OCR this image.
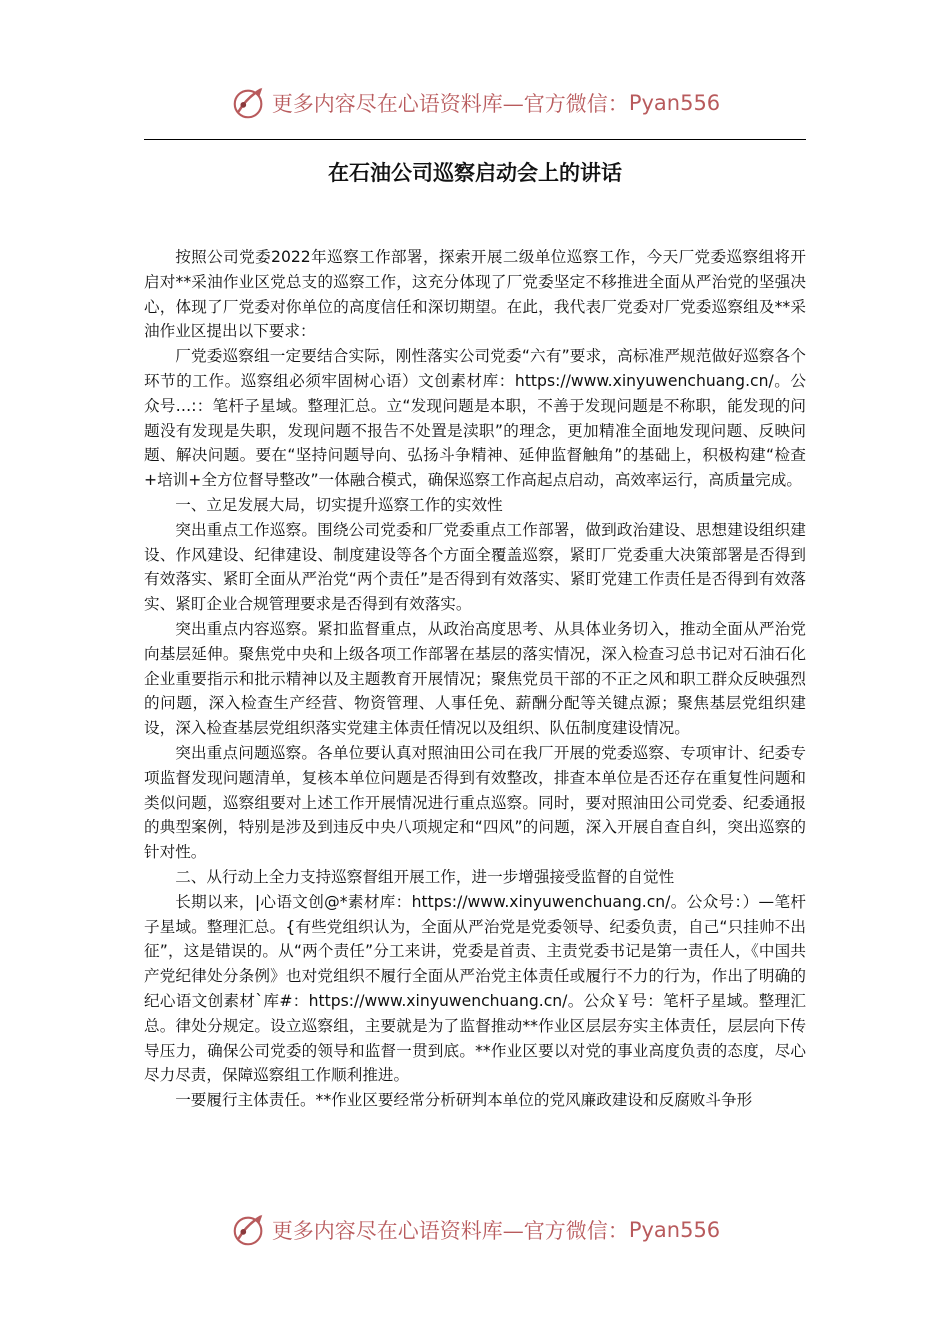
更多内容尽在心语资料库—官方微信： Pyan556
在石油公司巡察启动会上的讲话

按照公司党委2022年巡察工作部署，探索开展二级单位巡察工作，今天厂党委巡察组将开启对**采油作业区党总支的巡察工作，这充分体现了厂党委坚定不移推进全面从严治党的坚强决心，体现了厂党委对你单位的高度信任和深切期望。在此，我代表厂党委对厂党委巡察组及**采油作业区提出以下要求：

厂党委巡察组一定要结合实际，刚性落实公司党委“六有”要求，高标准严规范做好巡察各个环节的工作。巡察组必须牢固树心语）文创素材库：https://www.xinyuwenchuang.cn/。公众号…:：笔杆子星域。整理汇总。立“发现问题是本职，不善于发现问题是不称职，能发现的问题没有发现是失职，发现问题不报告不处置是渎职”的理念，更加精准全面地发现问题、反映问题、解决问题。要在“坚持问题导向、弘扬斗争精神、延伸监督触角”的基础上，积极构建“检查+培训+全方位督导整改”一体融合模式，确保巡察工作高起点启动，高效率运行，高质量完成。

一、立足发展大局，切实提升巡察工作的实效性

突出重点工作巡察。围绕公司党委和厂党委重点工作部署，做到政治建设、思想建设组织建设、作风建设、纪律建设、制度建设等各个方面全覆盖巡察，紧盯厂党委重大决策部署是否得到有效落实、紧盯全面从严治党“两个责任”是否得到有效落实、紧盯党建工作责任是否得到有效落实、紧盯企业合规管理要求是否得到有效落实。

突出重点内容巡察。紧扣监督重点，从政治高度思考、从具体业务切入，推动全面从严治党向基层延伸。聚焦党中央和上级各项工作部署在基层的落实情况，深入检查习总书记对石油石化企业重要指示和批示精神以及主题教育开展情况；聚焦党员干部的不正之风和职工群众反映强烈的问题，深入检查生产经营、物资管理、人事任免、薪酬分配等关键点源；聚焦基层党组织建设，深入检查基层党组织落实党建主体责任情况以及组织、队伍制度建设情况。

突出重点问题巡察。各单位要认真对照油田公司在我厂开展的党委巡察、专项审计、纪委专项监督发现问题清单，复核本单位问题是否得到有效整改，排查本单位是否还存在重复性问题和类似问题，巡察组要对上述工作开展情况进行重点巡察。同时，要对照油田公司党委、纪委通报的典型案例，特别是涉及到违反中央八项规定和“四风”的问题，深入开展自查自纠，突出巡察的针对性。

二、从行动上全力支持巡察督组开展工作，进一步增强接受监督的自觉性

长期以来，|心语文创@*素材库：https://www.xinyuwenchuang.cn/。公众号：）—笔杆子星域。整理汇总。{有些党组织认为，全面从严治党是党委领导、纪委负责，自己“只挂帅不出征”，这是错误的。从“两个责任”分工来讲，党委是首责、主责党委书记是第一责任人，《中国共产党纪律处分条例》也对党组织不履行全面从严治党主体责任或履行不力的行为，作出了明确的纪心语文创素材`库#：https://www.xinyuwenchuang.cn/。公众￥号：笔杆子星域。整理汇总。律处分规定。设立巡察组，主要就是为了监督推动**作业区层层夯实主体责任，层层向下传导压力，确保公司党委的领导和监督一贯到底。**作业区要以对党的事业高度负责的态度，尽心尽力尽责，保障巡察组工作顺利推进。

一要履行主体责任。**作业区要经常分析研判本单位的党风廉政建设和反腐败斗争形

更多内容尽在心语资料库—官方微信： Pyan556
